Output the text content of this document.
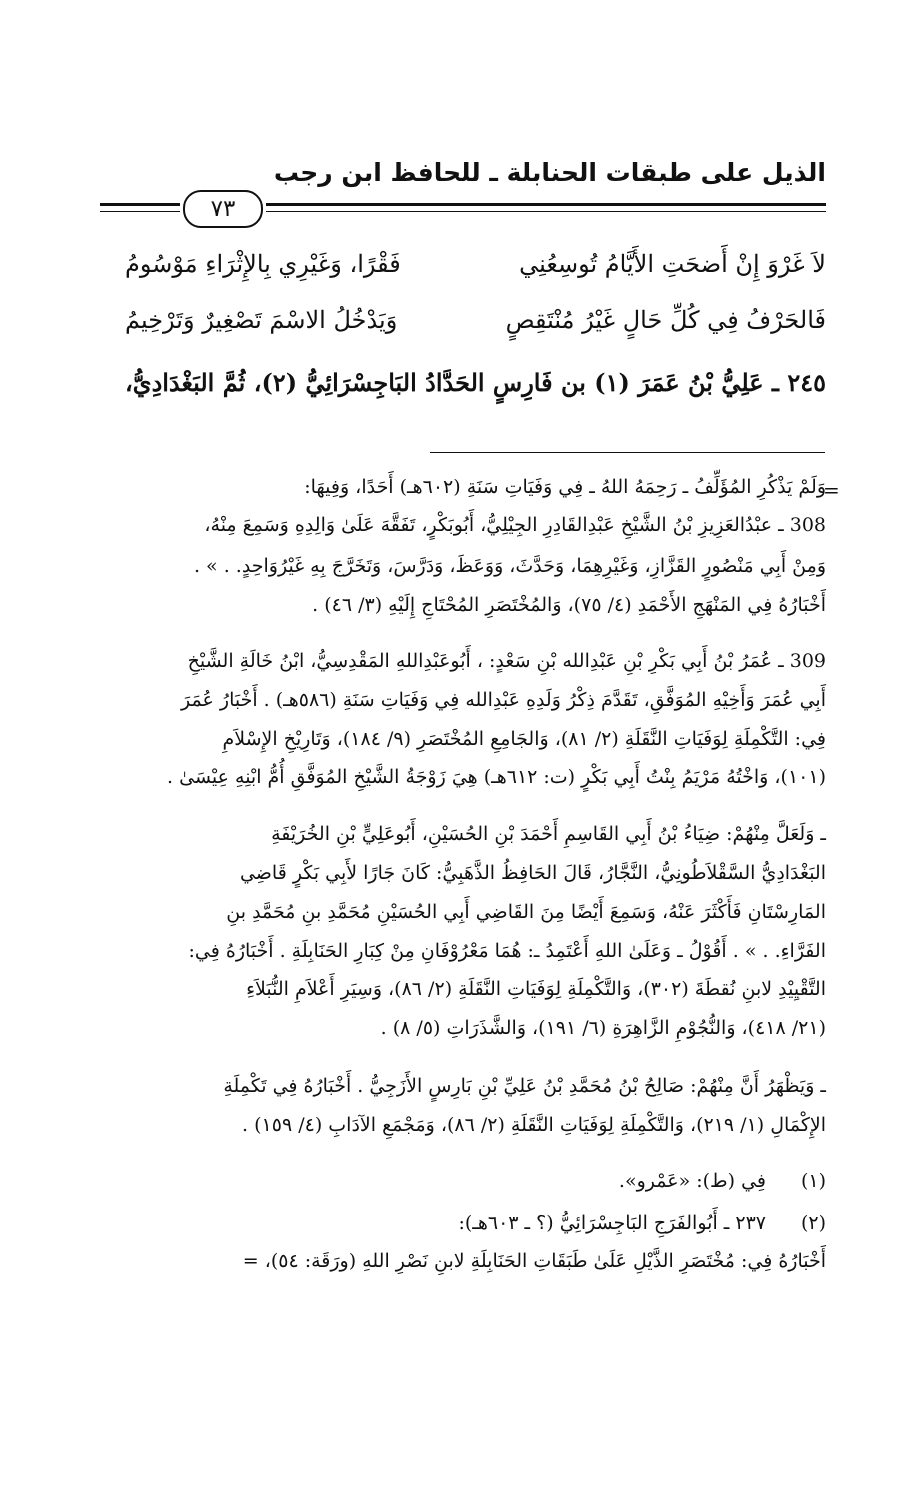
الذيل على طبقات الحنابلة ـ للحافظ ابن رجب
٧٣
لاَ غَرْوَ إِنْ أَضحَتِ الأَيَّامُ تُوسِعُنِي
فَقْرًا، وَغَيْرِي بِالإِثْرَاءِ مَوْسُومُ
فَالحَرْفُ فِي كُلِّ حَالٍ غَيْرُ مُنْتَقِصٍ
وَيَدْخُلُ الاسْمَ تَصْغِيرٌ وَتَرْخِيمُ
٢٤٥ ـ عَلِيُّ بْنُ عَمَرَ (١) بن فَارِسٍ الحَدَّادُ البَاجِسْرَائِيُّ (٢)، ثُمَّ البَغْدَادِيُّ،
=
وَلَمْ يَذْكُرِ المُؤَلِّفُ ـ رَحِمَهُ اللهُ ـ فِي وَفَيَاتِ سَنَةِ (٦٠٢هـ) أَحَدًا، وَفِيهَا:
308 ـ عبْدُالعَزِيزِ بْنُ الشَّيْخِ عَبْدِالقَادِرِ الجِيْلِيُّ، أَبُوبَكْرٍ، تَفَقَّهَ عَلَىٰ وَالِدِهِ وَسَمِعَ مِنْهُ،
وَمِنْ أَبِي مَنْصُورٍ القَزَّازِ، وَغَيْرِهِمَا، وَحَدَّثَ، وَوَعَظَ، وَدَرَّسَ، وَتَخَرَّجَ بِهِ غَيْرُوَاحِدٍ. . » .
أَخْبَارُهُ فِي المَنْهَجِ الأَحْمَدِ (٤/ ٧٥)، وَالمُخْتَصَرِ المُحْتَاجِ إِلَيْهِ (٣/ ٤٦) .
309 ـ عُمَرُ بْنُ أَبِي بَكْرِ بْنِ عَبْدِالله بْنِ سَعْدٍ: ، أَبُوعَبْدِاللهِ المَقْدِسِيُّ، ابْنُ خَالَةِ الشَّيْخِ
أَبِي عُمَرَ وَأَخِيْهِ المُوَفَّقِ، تَقَدَّمَ ذِكْرُ وَلَدِهِ عَبْدِالله فِي وَفَيَاتِ سَنَةِ (٥٨٦هـ) . أَخْبَارُ عُمَرَ
فِي: التَّكْمِلَةِ لِوَفَيَاتِ النَّقَلَةِ (٢/ ٨١)، وَالجَامِعِ المُخْتَصَرِ (٩/ ١٨٤)، وَتَارِيْخِ الإِسْلاَمِ
(١٠١)، وَاخْتُهُ مَرْيَمُ بِنْتُ أَبِي بَكْرٍ (ت: ٦١٢هـ) هِيَ زَوْجَةُ الشَّيْخِ المُوَفَّقِ أُمُّ ابْنِهِ عِيْسَىٰ .
ـ وَلَعَلَّ مِنْهُمْ: ضِيَاءُ بْنُ أَبِي القَاسِمِ أَحْمَدَ بْنِ الحُسَيْنِ، أَبُوعَلِيٍّ بْنِ الخُرَيْفَةِ
البَغْدَادِيُّ السَّقْلاَطُونِيُّ، النَّجَّارُ، قَالَ الحَافِظُ الذَّهَبِيُّ: كَانَ جَارًا لأَبِي بَكْرٍ قَاضِي
المَارِسْتَانِ فَأَكْثَرَ عَنْهُ، وَسَمِعَ أَيْضًا مِنَ القَاضِي أَبِي الحُسَيْنِ مُحَمَّدِ بنِ مُحَمَّدِ بنِ
الفَرَّاءِ. . » . أَقُوْلُ ـ وَعَلَىٰ اللهِ أَعْتَمِدُ ـ: هُمَا مَعْرُوْفَانِ مِنْ كِبَارِ الحَنَابِلَةِ . أَخْبَارُهُ فِي:
التَّقْيِيْدِ لابنِ نُقطَةَ (٣٠٢)، وَالتَّكْمِلَةِ لِوَفَيَاتِ النَّقَلَةِ (٢/ ٨٦)، وَسِيَرِ أَعْلاَمِ النُّبَلاَءِ
(٢١/ ٤١٨)، وَالنُّجُوْمِ الزَّاهِرَةِ (٦/ ١٩١)، وَالشَّذَرَاتِ (٥/ ٨) .
ـ وَيَظْهَرُ أَنَّ مِنْهُمْ: صَالِحُ بْنُ مُحَمَّدِ بْنُ عَلِيِّ بْنِ بَارِسٍ الأَزَجِيُّ . أَخْبَارُهُ فِي تَكْمِلَةِ
الإِكْمَالِ (١/ ٢١٩)، وَالتَّكْمِلَةِ لِوَفَيَاتِ النَّقَلَةِ (٢/ ٨٦)، وَمَجْمَعِ الآدَابِ (٤/ ١٥٩) .
(١)
فِي (ط): «عَمْرو».
(٢)
٢٣٧ ـ أَبُوالفَرَجِ البَاجِسْرَائِيُّ (؟ ـ ٦٠٣هـ):
أَخْبَارُهُ فِي: مُخْتَصَرِ الذَّيْلِ عَلَىٰ طَبَقَاتِ الحَنَابِلَةِ لابنِ نَصْرِ اللهِ (ورَقَة: ٥٤)، =
